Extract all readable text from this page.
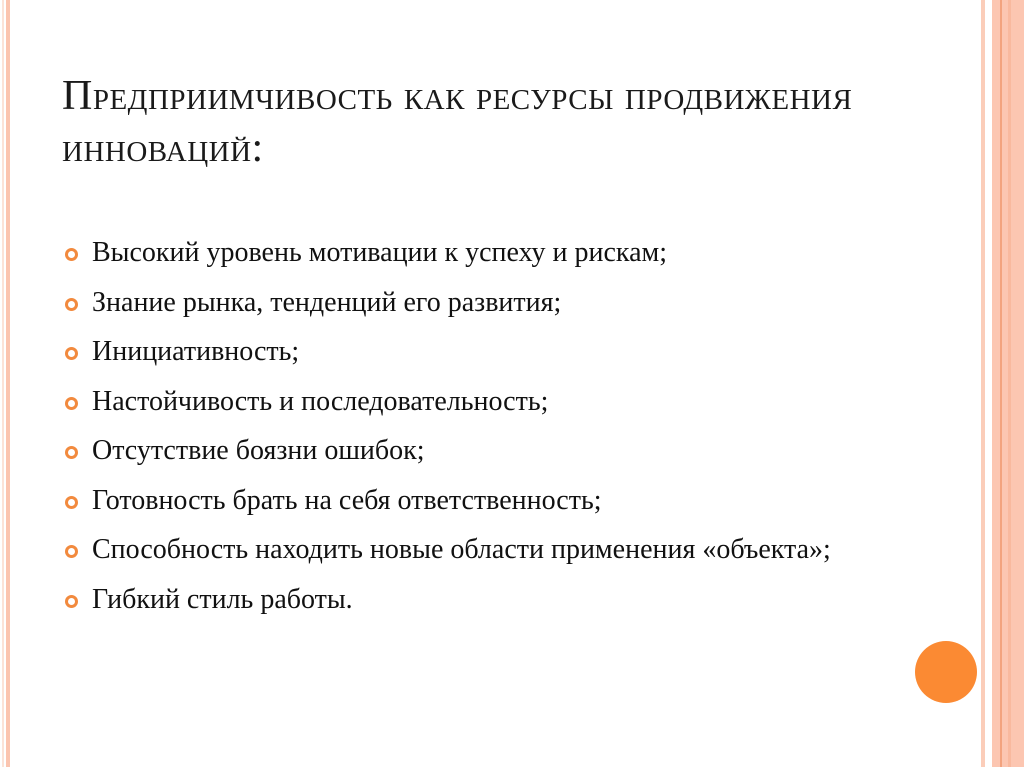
Предприимчивость как ресурсы продвижения инноваций:
Высокий уровень мотивации к успеху и рискам;
Знание рынка, тенденций его развития;
Инициативность;
Настойчивость и последовательность;
Отсутствие боязни ошибок;
Готовность брать на себя ответственность;
Способность находить новые области применения «объекта»;
Гибкий стиль работы.
